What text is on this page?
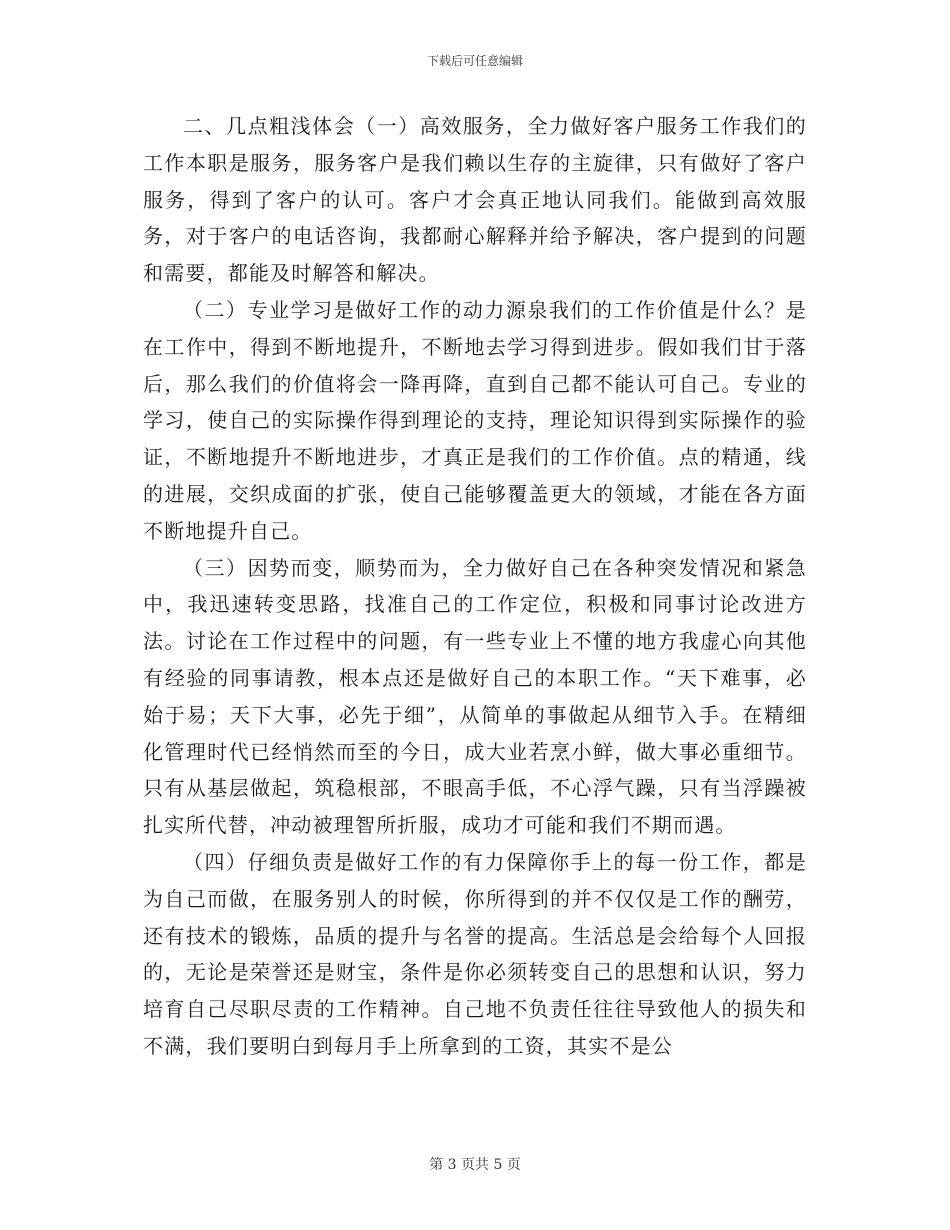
下载后可任意编辑

二、几点粗浅体会（一）高效服务，全力做好客户服务工作我们的工作本职是服务，服务客户是我们赖以生存的主旋律，只有做好了客户服务，得到了客户的认可。客户才会真正地认同我们。能做到高效服务，对于客户的电话咨询，我都耐心解释并给予解决，客户提到的问题和需要，都能及时解答和解决。

（二）专业学习是做好工作的动力源泉我们的工作价值是什么？是在工作中，得到不断地提升，不断地去学习得到进步。假如我们甘于落后，那么我们的价值将会一降再降，直到自己都不能认可自己。专业的学习，使自己的实际操作得到理论的支持，理论知识得到实际操作的验证，不断地提升不断地进步，才真正是我们的工作价值。点的精通，线的进展，交织成面的扩张，使自己能够覆盖更大的领域，才能在各方面不断地提升自己。

（三）因势而变，顺势而为，全力做好自己在各种突发情况和紧急中，我迅速转变思路，找准自己的工作定位，积极和同事讨论改进方法。讨论在工作过程中的问题，有一些专业上不懂的地方我虚心向其他有经验的同事请教，根本点还是做好自己的本职工作。“天下难事，必始于易；天下大事，必先于细”，从简单的事做起从细节入手。在精细化管理时代已经悄然而至的今日，成大业若烹小鲜，做大事必重细节。只有从基层做起，筑稳根部，不眼高手低，不心浮气躁，只有当浮躁被扎实所代替，冲动被理智所折服，成功才可能和我们不期而遇。

（四）仔细负责是做好工作的有力保障你手上的每一份工作，都是为自己而做，在服务别人的时候，你所得到的并不仅仅是工作的酬劳，还有技术的锻炼，品质的提升与名誉的提高。生活总是会给每个人回报的，无论是荣誉还是财宝，条件是你必须转变自己的思想和认识，努力培育自己尽职尽责的工作精神。自己地不负责任往往导致他人的损失和不满，我们要明白到每月手上所拿到的工资，其实不是公

第 3 页共 5 页
